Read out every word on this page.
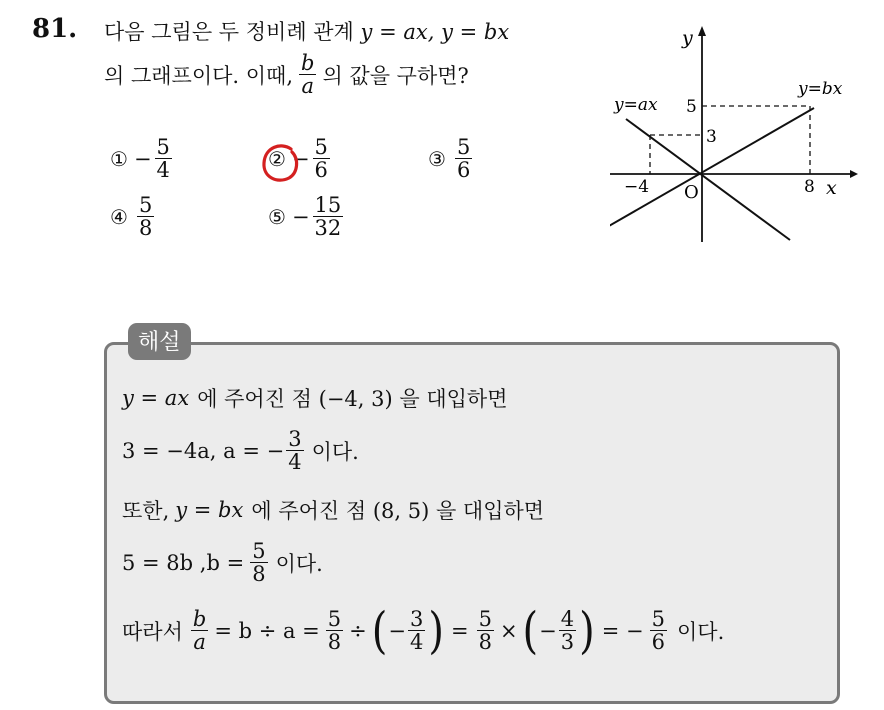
81. 다음 그림은 두 정비례 관계 y = ax, y = bx
의 그래프이다. 이때, $\frac{b}{a}$ 의 값을 구하면?
① − $\frac{5}{4}$	② − $\frac{5}{6}$	③ $\frac{5}{6}$
④ $\frac{5}{8}$	⑤ − $\frac{15}{32}$
y
x
O
y=ax
y=bx
5
3
−4	8
해설
y = ax 에 주어진 점 (−4, 3) 을 대입하면
3 = −4a, a = − $\frac{3}{4}$ 이다.
또한, y = bx 에 주어진 점 (8, 5) 을 대입하면
5 = 8b $,b = \frac{5}{8}$ 이다.
따라서 $\frac{b}{a} = b \div a = \frac{5}{8}$ ÷ ( − $\frac{3}{4}$ ) = $\frac{5}{8}$ × ( − $\frac{4}{3}$ ) = − $\frac{5}{6}$ 이다.
